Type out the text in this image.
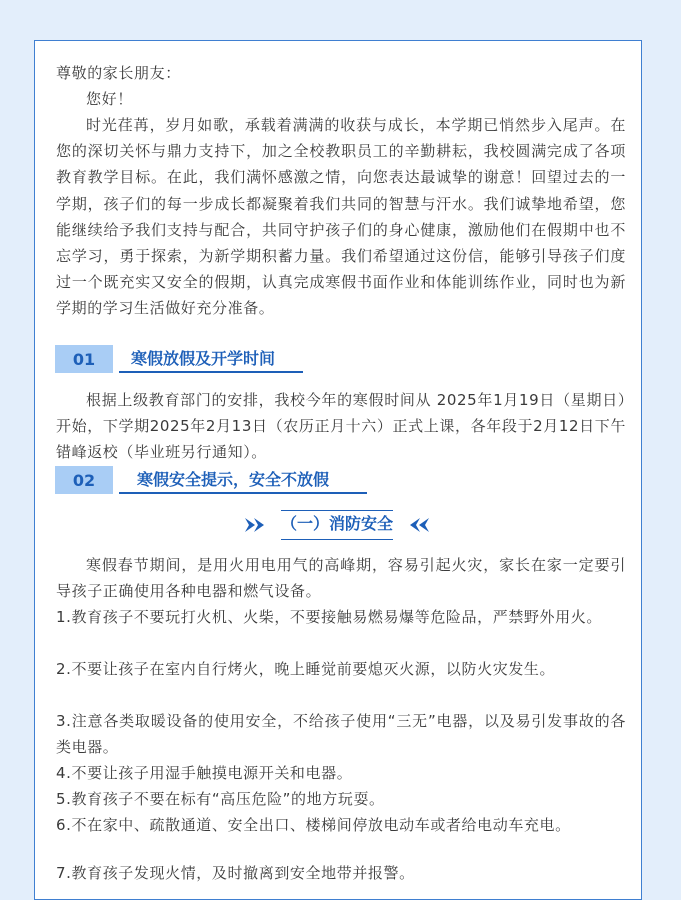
尊敬的家长朋友：

您好！

时光荏苒，岁月如歌，承载着满满的收获与成长，本学期已悄然步入尾声。在您的深切关怀与鼎力支持下，加之全校教职员工的辛勤耕耘，我校圆满完成了各项教育教学目标。在此，我们满怀感激之情，向您表达最诚挚的谢意！回望过去的一学期，孩子们的每一步成长都凝聚着我们共同的智慧与汗水。我们诚挚地希望，您能继续给予我们支持与配合，共同守护孩子们的身心健康，激励他们在假期中也不忘学习，勇于探索，为新学期积蓄力量。我们希望通过这份信，能够引导孩子们度过一个既充实又安全的假期，认真完成寒假书面作业和体能训练作业，同时也为新学期的学习生活做好充分准备。

01	寒假放假及开学时间

根据上级教育部门的安排，我校今年的寒假时间从 2025年1月19日（星期日）开始，下学期2025年2月13日（农历正月十六）正式上课，各年段于2月12日下午错峰返校（毕业班另行通知）。

02	寒假安全提示，安全不放假
（一）消防安全

寒假春节期间，是用火用电用气的高峰期，容易引起火灾，家长在家一定要引导孩子正确使用各种电器和燃气设备。

1.教育孩子不要玩打火机、火柴，不要接触易燃易爆等危险品，严禁野外用火。

2.不要让孩子在室内自行烤火，晚上睡觉前要熄灭火源，以防火灾发生。

3.注意各类取暖设备的使用安全，不给孩子使用“三无”电器，以及易引发事故的各类电器。

4.不要让孩子用湿手触摸电源开关和电器。

5.教育孩子不要在标有“高压危险”的地方玩耍。

6.不在家中、疏散通道、安全出口、楼梯间停放电动车或者给电动车充电。

7.教育孩子发现火情，及时撤离到安全地带并报警。
